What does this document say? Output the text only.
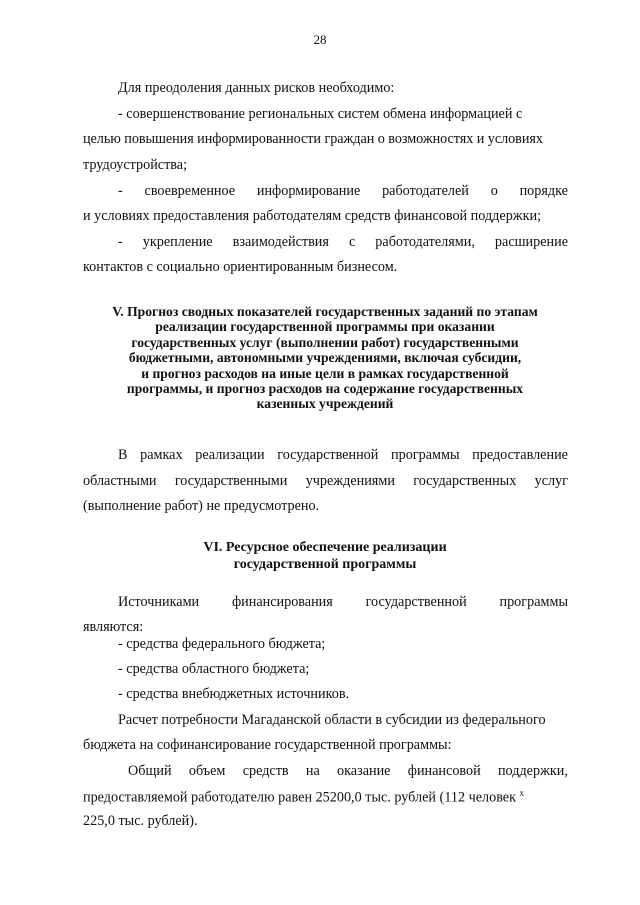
28
Для преодоления данных рисков необходимо:
- совершенствование региональных систем обмена информацией с
целью повышения информированности граждан о возможностях и условиях
трудоустройства;
- своевременное информирование работодателей о порядке
и условиях предоставления работодателям средств финансовой поддержки;
- укрепление взаимодействия с работодателями, расширение
контактов с социально ориентированным бизнесом.
V. Прогноз сводных показателей государственных заданий по этапам
реализации государственной программы при оказании
государственных услуг (выполнении работ) государственными
бюджетными, автономными учреждениями, включая субсидии,
и прогноз расходов на иные цели в рамках государственной
программы, и прогноз расходов на содержание государственных
казенных учреждений
В рамках реализации государственной программы предоставление
областными государственными учреждениями государственных услуг
(выполнение работ) не предусмотрено.
VI. Ресурсное обеспечение реализации
государственной программы
Источниками финансирования государственной программы
являются:
- средства федерального бюджета;
- средства областного бюджета;
- средства внебюджетных источников.
Расчет потребности Магаданской области в субсидии из федерального
бюджета на софинансирование государственной программы:
Общий объем средств на оказание финансовой поддержки,
предоставляемой работодателю равен 25200,0 тыс. рублей (112 человек $^x$
225,0 тыс. рублей).
